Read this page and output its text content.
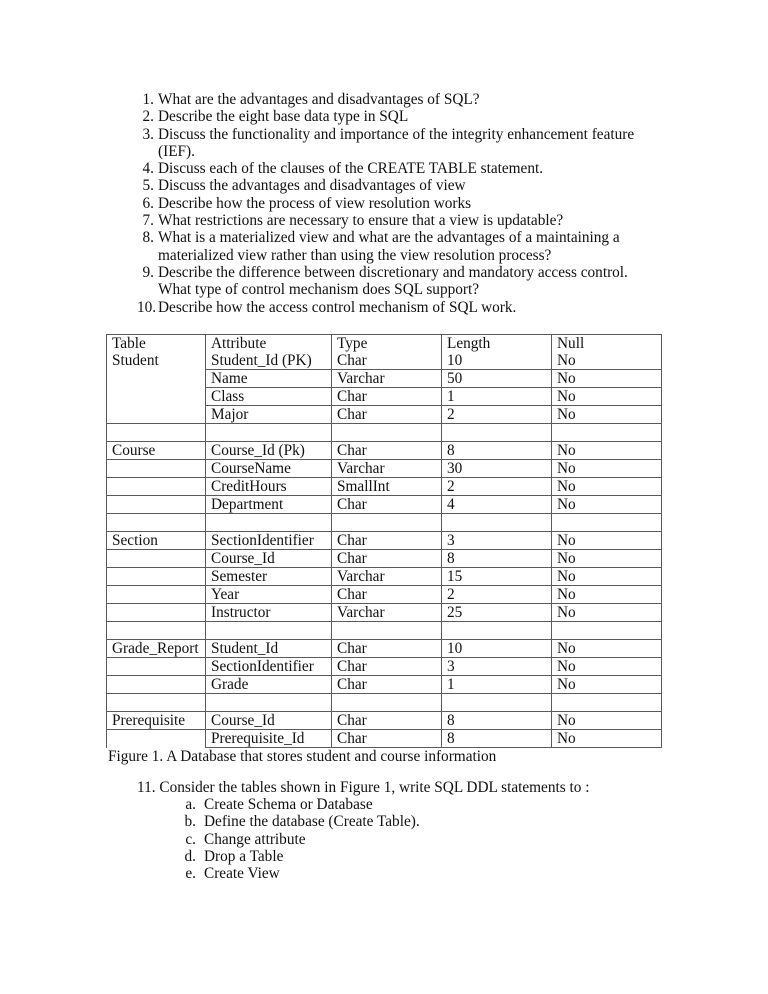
1. What are the advantages and disadvantages of SQL?
2. Describe the eight base data type in SQL
3. Discuss the functionality and importance of the integrity enhancement feature
(IEF).
4. Discuss each of the clauses of the CREATE TABLE statement.
5. Discuss the advantages and disadvantages of view
6. Describe how the process of view resolution works
7. What restrictions are necessary to ensure that a view is updatable?
8. What is a materialized view and what are the advantages of a maintaining a
materialized view rather than using the view resolution process?
9. Describe the difference between discretionary and mandatory access control.
What type of control mechanism does SQL support?
10. Describe how the access control mechanism of SQL work.
Table	Attribute	Type	Length	Null
Student	Student_Id (PK)	Char	10	No
	Name	Varchar	50	No
	Class	Char	1	No
	Major	Char	2	No

Course	Course_Id (Pk)	Char	8	No
	CourseName	Varchar	30	No
	CreditHours	SmallInt	2	No
	Department	Char	4	No

Section	SectionIdentifier	Char	3	No
	Course_Id	Char	8	No
	Semester	Varchar	15	No
	Year	Char	2	No
	Instructor	Varchar	25	No

Grade_Report	Student_Id	Char	10	No
	SectionIdentifier	Char	3	No
	Grade	Char	1	No

Prerequisite	Course_Id	Char	8	No
	Prerequisite_Id	Char	8	No
Figure 1. A Database that stores student and course information
11. Consider the tables shown in Figure 1, write SQL DDL statements to :
a. Create Schema or Database
b. Define the database (Create Table).
c. Change attribute
d. Drop a Table
e. Create View
